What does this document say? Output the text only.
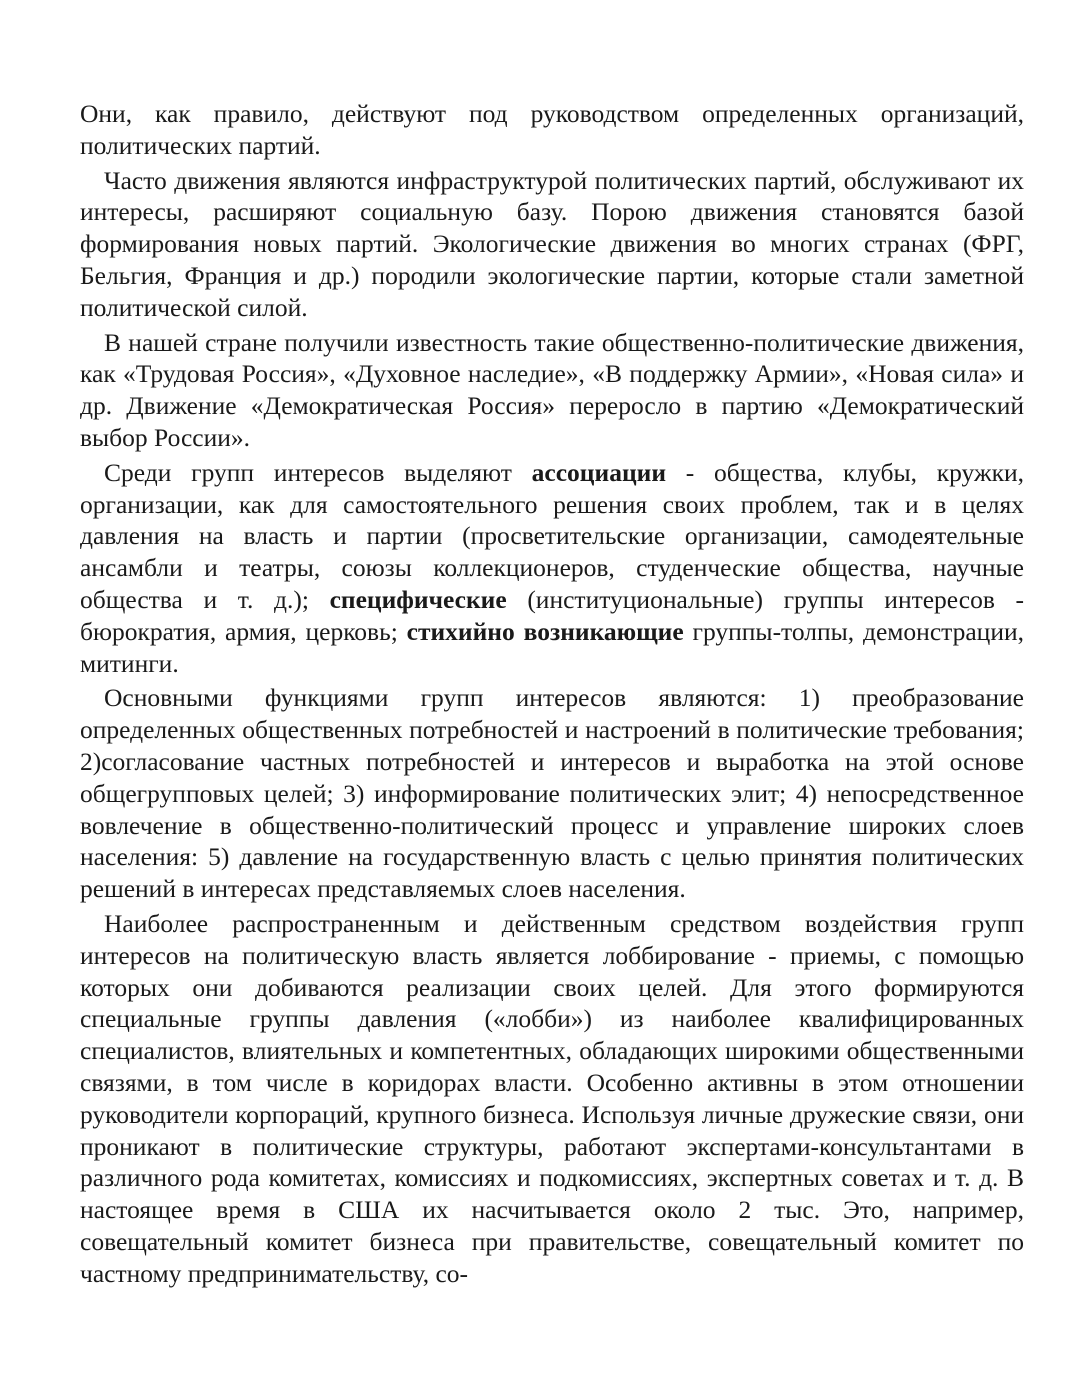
Они, как правило, действуют под руководством определенных организаций, политических партий.

Часто движения являются инфраструктурой политических партий, обслуживают их интересы, расширяют социальную базу. Порою движения становятся базой формирования новых партий. Экологические движения во многих странах (ФРГ, Бельгия, Франция и др.) породили экологические партии, которые стали заметной политической силой.

В нашей стране получили известность такие общественно-политические движения, как «Трудовая Россия», «Духовное наследие», «В поддержку Армии», «Новая сила» и др. Движение «Демократическая Россия» переросло в партию «Демократический выбор России».

Среди групп интересов выделяют ассоциации - общества, клубы, кружки, организации, как для самостоятельного решения своих проблем, так и в целях давления на власть и партии (просветительские организации, самодеятельные ансамбли и театры, союзы коллекционеров, студенческие общества, научные общества и т. д.); специфические (институциональные) группы интересов - бюрократия, армия, церковь; стихийно возникающие группы-толпы, демонстрации, митинги.

Основными функциями групп интересов являются: 1) преобразование определенных общественных потребностей и настроений в политические требования; 2)согласование частных потребностей и интересов и выработка на этой основе общегрупповых целей; 3) информирование политических элит; 4) непосредственное вовлечение в общественно-политический процесс и управление широких слоев населения: 5) давление на государственную власть с целью принятия политических решений в интересах представляемых слоев населения.

Наиболее распространенным и действенным средством воздействия групп интересов на политическую власть является лоббирование - приемы, с помощью которых они добиваются реализации своих целей. Для этого формируются специальные группы давления («лобби») из наиболее квалифицированных специалистов, влиятельных и компетентных, обладающих широкими общественными связями, в том числе в коридорах власти. Особенно активны в этом отношении руководители корпораций, крупного бизнеса. Используя личные дружеские связи, они проникают в политические структуры, работают экспертами-консультантами в различного рода комитетах, комиссиях и подкомиссиях, экспертных советах и т. д. В настоящее время в США их насчитывается около 2 тыс. Это, например, совещательный комитет бизнеса при правительстве, совещательный комитет по частному предпринимательству, со-
